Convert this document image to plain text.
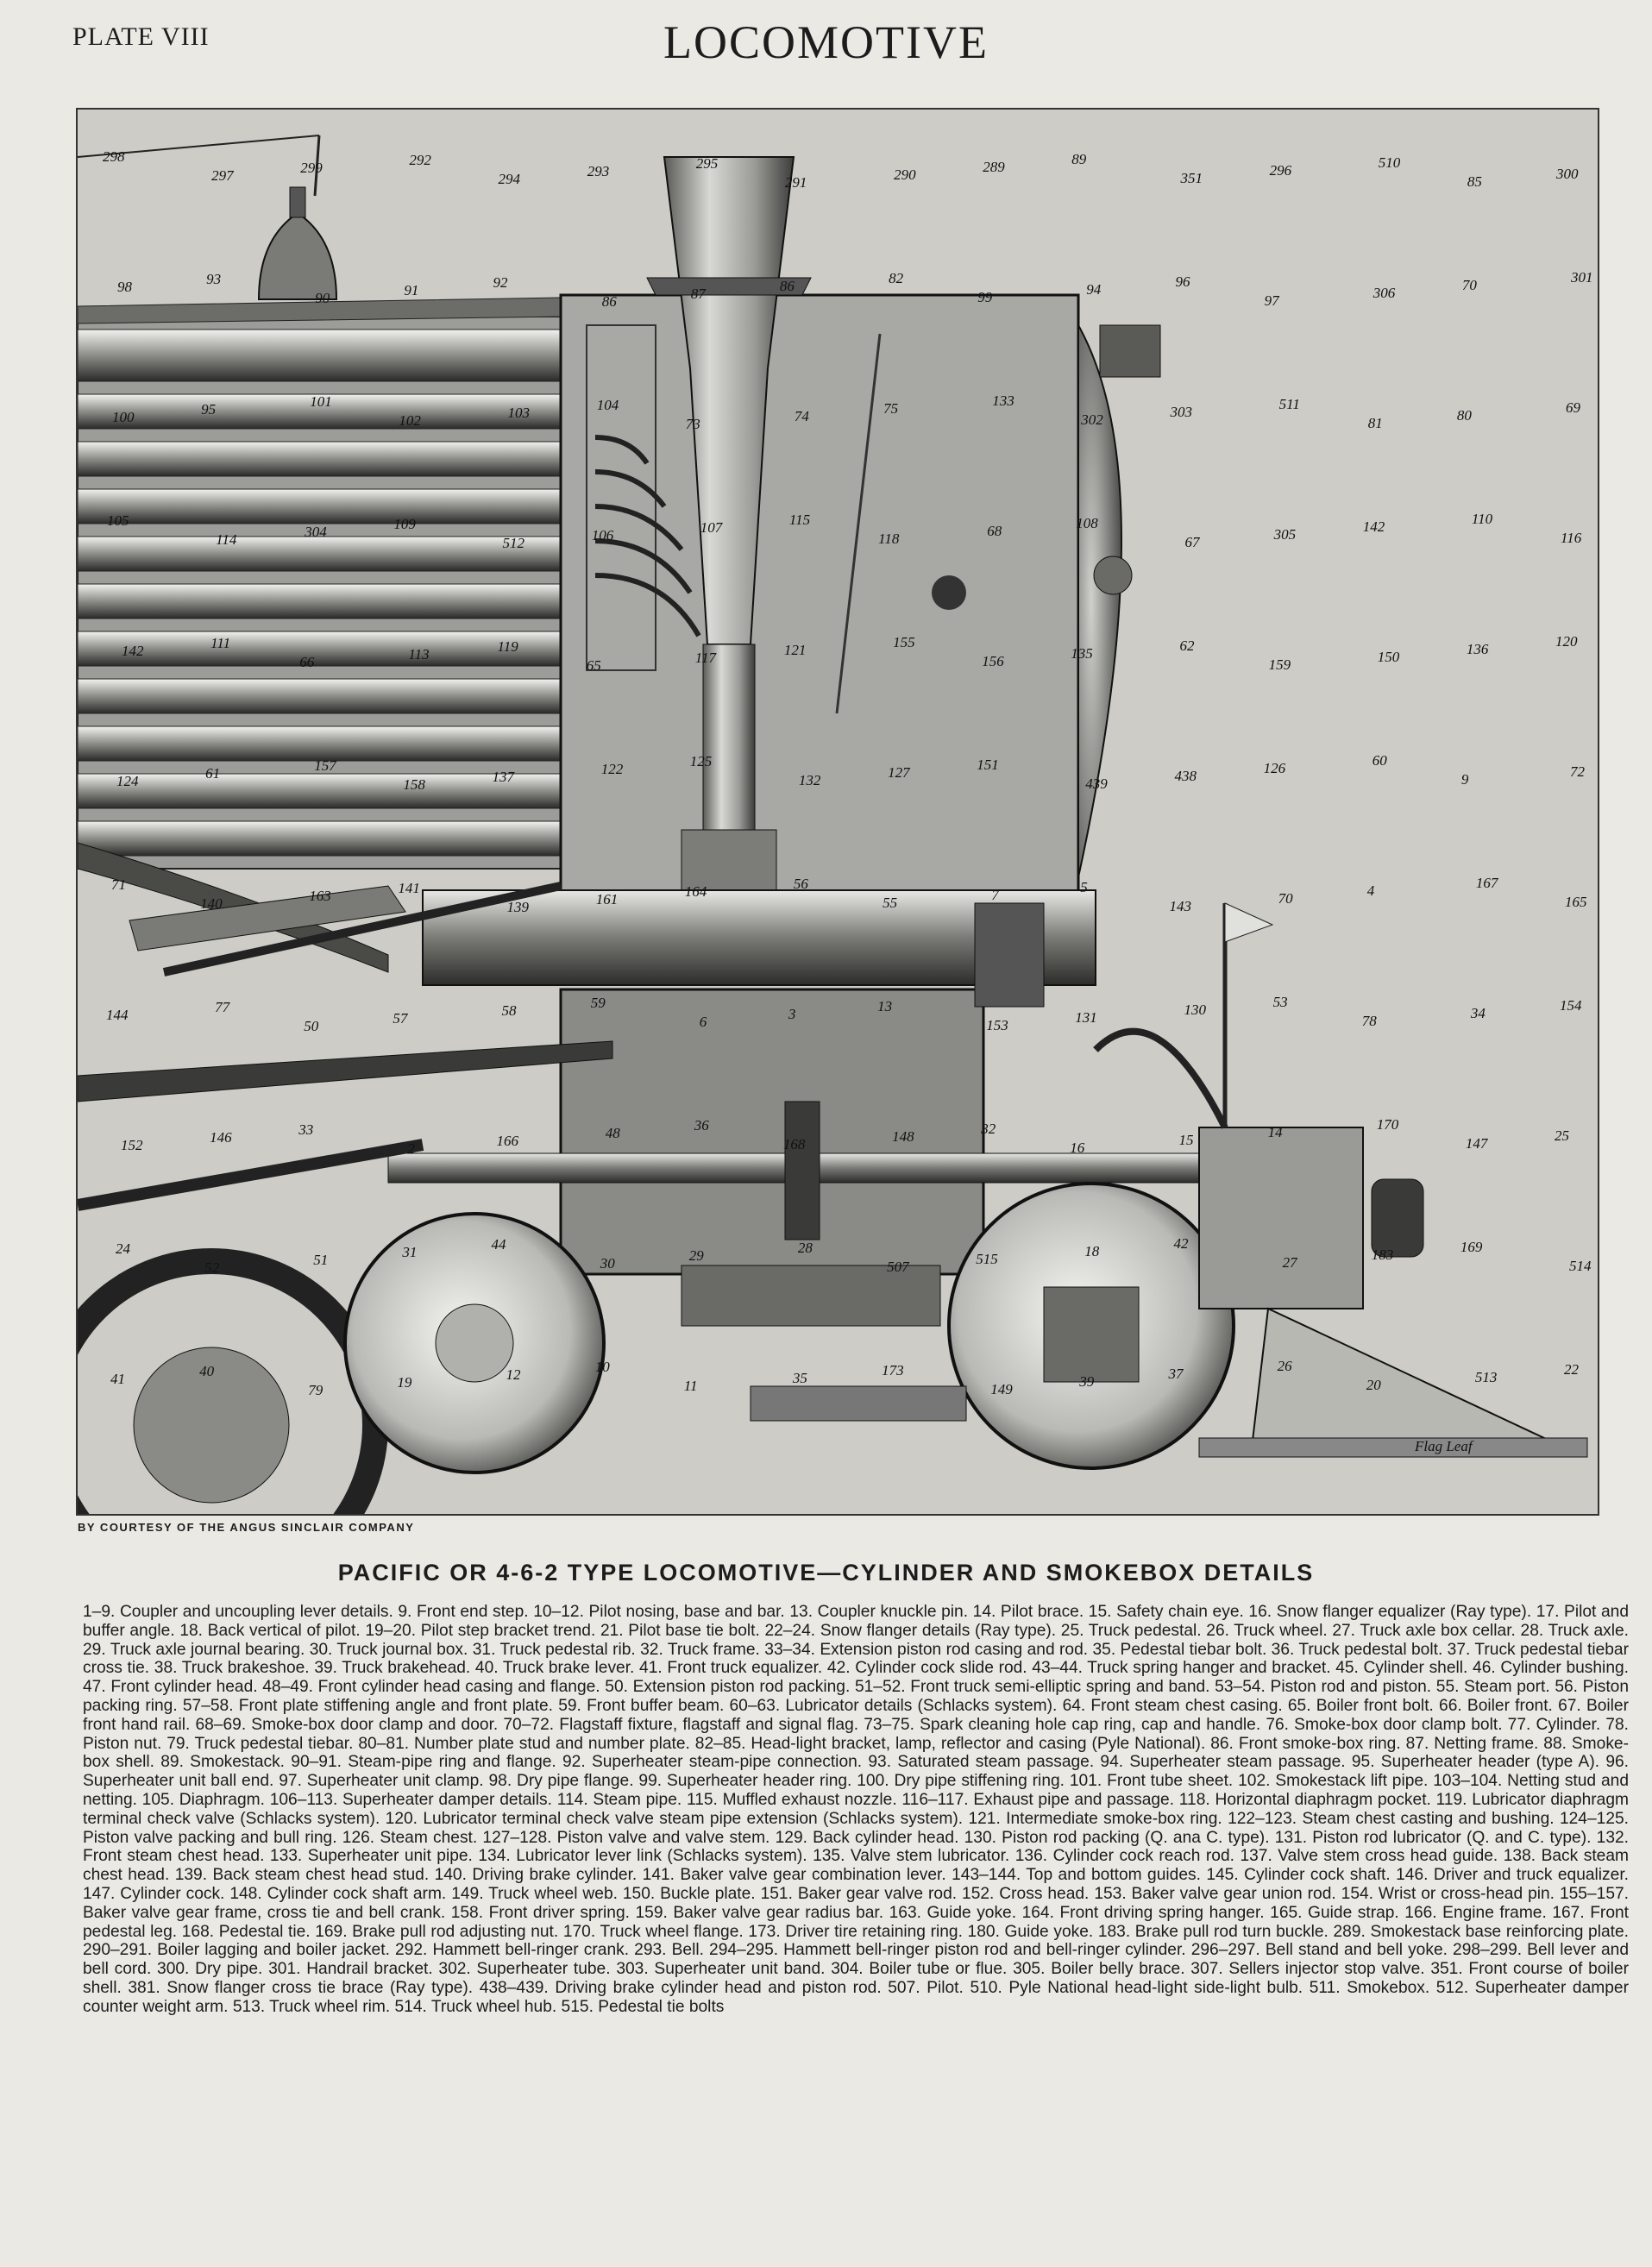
PLATE VIII	LOCOMOTIVE
Flag Leaf
298
297	299	292
294	293	295
291	290	289	89
351	296	510
85	300
98	93
90	91	92
86	87	86	82
99	94	96
97	306	70	301
100	95	101
102	103	104
73	74	75	133
302	303	511
81	80	69
105
114	304	109
512	106	107	115
118	68	108
67	305	142	110
116
142	111
66	113	119
65	117	121	155
156	135	62
159	150	136	120
124	61	157
158	137	122	125
132	127	151
439	438	126	60
9	72
71
140	163	141
139	161	164	56
55	7	5
143	70	4	167
165
144	77
50	57	58	59
6	3	13
153	131	130	53
78	34	154
152	146	33
2	166	48	36
168	148	32
16	15	14	170
147	25
24
52	51	31	44
30	29	28
507	515	18	42
27	183	169
514
41	40
79	19	12	10
11	35	173
149	39	37	26
20	513	22
BY COURTESY OF THE ANGUS SINCLAIR COMPANY
PACIFIC OR 4-6-2 TYPE LOCOMOTIVE—CYLINDER AND SMOKEBOX DETAILS

1–9. Coupler and uncoupling lever details. 9. Front end step. 10–12. Pilot nosing, base and bar. 13. Coupler knuckle pin. 14. Pilot brace. 15. Safety chain eye. 16. Snow flanger equalizer (Ray type). 17. Pilot and buffer angle. 18. Back vertical of pilot. 19–20. Pilot step bracket trend. 21. Pilot base tie bolt. 22–24. Snow flanger details (Ray type). 25. Truck pedestal. 26. Truck wheel. 27. Truck axle box cellar. 28. Truck axle. 29. Truck axle journal bearing. 30. Truck journal box. 31. Truck pedestal rib. 32. Truck frame. 33–34. Extension piston rod casing and rod. 35. Pedestal tiebar bolt. 36. Truck pedestal bolt. 37. Truck pedestal tiebar cross tie. 38. Truck brakeshoe. 39. Truck brakehead. 40. Truck brake lever. 41. Front truck equalizer. 42. Cylinder cock slide rod. 43–44. Truck spring hanger and bracket. 45. Cylinder shell. 46. Cylinder bushing. 47. Front cylinder head. 48–49. Front cylinder head casing and flange. 50. Extension piston rod packing. 51–52. Front truck semi-elliptic spring and band. 53–54. Piston rod and piston. 55. Steam port. 56. Piston packing ring. 57–58. Front plate stiffening angle and front plate. 59. Front buffer beam. 60–63. Lubricator details (Schlacks system). 64. Front steam chest casing. 65. Boiler front bolt. 66. Boiler front. 67. Boiler front hand rail. 68–69. Smoke-box door clamp and door. 70–72. Flagstaff fixture, flagstaff and signal flag. 73–75. Spark cleaning hole cap ring, cap and handle. 76. Smoke-box door clamp bolt. 77. Cylinder. 78. Piston nut. 79. Truck pedestal tiebar. 80–81. Number plate stud and number plate. 82–85. Head-light bracket, lamp, reflector and casing (Pyle National). 86. Front smoke-box ring. 87. Netting frame. 88. Smoke-box shell. 89. Smokestack. 90–91. Steam-pipe ring and flange. 92. Superheater steam-pipe connection. 93. Saturated steam passage. 94. Superheater steam passage. 95. Superheater header (type A). 96. Superheater unit ball end. 97. Superheater unit clamp. 98. Dry pipe flange. 99. Superheater header ring. 100. Dry pipe stiffening ring. 101. Front tube sheet. 102. Smokestack lift pipe. 103–104. Netting stud and netting. 105. Diaphragm. 106–113. Superheater damper details. 114. Steam pipe. 115. Muffled exhaust nozzle. 116–117. Exhaust pipe and passage. 118. Horizontal diaphragm pocket. 119. Lubricator diaphragm terminal check valve (Schlacks system). 120. Lubricator terminal check valve steam pipe extension (Schlacks system). 121. Intermediate smoke-box ring. 122–123. Steam chest casting and bushing. 124–125. Piston valve packing and bull ring. 126. Steam chest. 127–128. Piston valve and valve stem. 129. Back cylinder head. 130. Piston rod packing (Q. ana C. type). 131. Piston rod lubricator (Q. and C. type). 132. Front steam chest head. 133. Superheater unit pipe. 134. Lubricator lever link (Schlacks system). 135. Valve stem lubricator. 136. Cylinder cock reach rod. 137. Valve stem cross head guide. 138. Back steam chest head. 139. Back steam chest head stud. 140. Driving brake cylinder. 141. Baker valve gear combination lever. 143–144. Top and bottom guides. 145. Cylinder cock shaft. 146. Driver and truck equalizer. 147. Cylinder cock. 148. Cylinder cock shaft arm. 149. Truck wheel web. 150. Buckle plate. 151. Baker gear valve rod. 152. Cross head. 153. Baker valve gear union rod. 154. Wrist or cross-head pin. 155–157. Baker valve gear frame, cross tie and bell crank. 158. Front driver spring. 159. Baker valve gear radius bar. 163. Guide yoke. 164. Front driving spring hanger. 165. Guide strap. 166. Engine frame. 167. Front pedestal leg. 168. Pedestal tie. 169. Brake pull rod adjusting nut. 170. Truck wheel flange. 173. Driver tire retaining ring. 180. Guide yoke. 183. Brake pull rod turn buckle. 289. Smokestack base reinforcing plate. 290–291. Boiler lagging and boiler jacket. 292. Hammett bell-ringer crank. 293. Bell. 294–295. Hammett bell-ringer piston rod and bell-ringer cylinder. 296–297. Bell stand and bell yoke. 298–299. Bell lever and bell cord. 300. Dry pipe. 301. Handrail bracket. 302. Superheater tube. 303. Superheater unit band. 304. Boiler tube or flue. 305. Boiler belly brace. 307. Sellers injector stop valve. 351. Front course of boiler shell. 381. Snow flanger cross tie brace (Ray type). 438–439. Driving brake cylinder head and piston rod. 507. Pilot. 510. Pyle National head-light side-light bulb. 511. Smokebox. 512. Superheater damper counter weight arm. 513. Truck wheel rim. 514. Truck wheel hub. 515. Pedestal tie bolts
